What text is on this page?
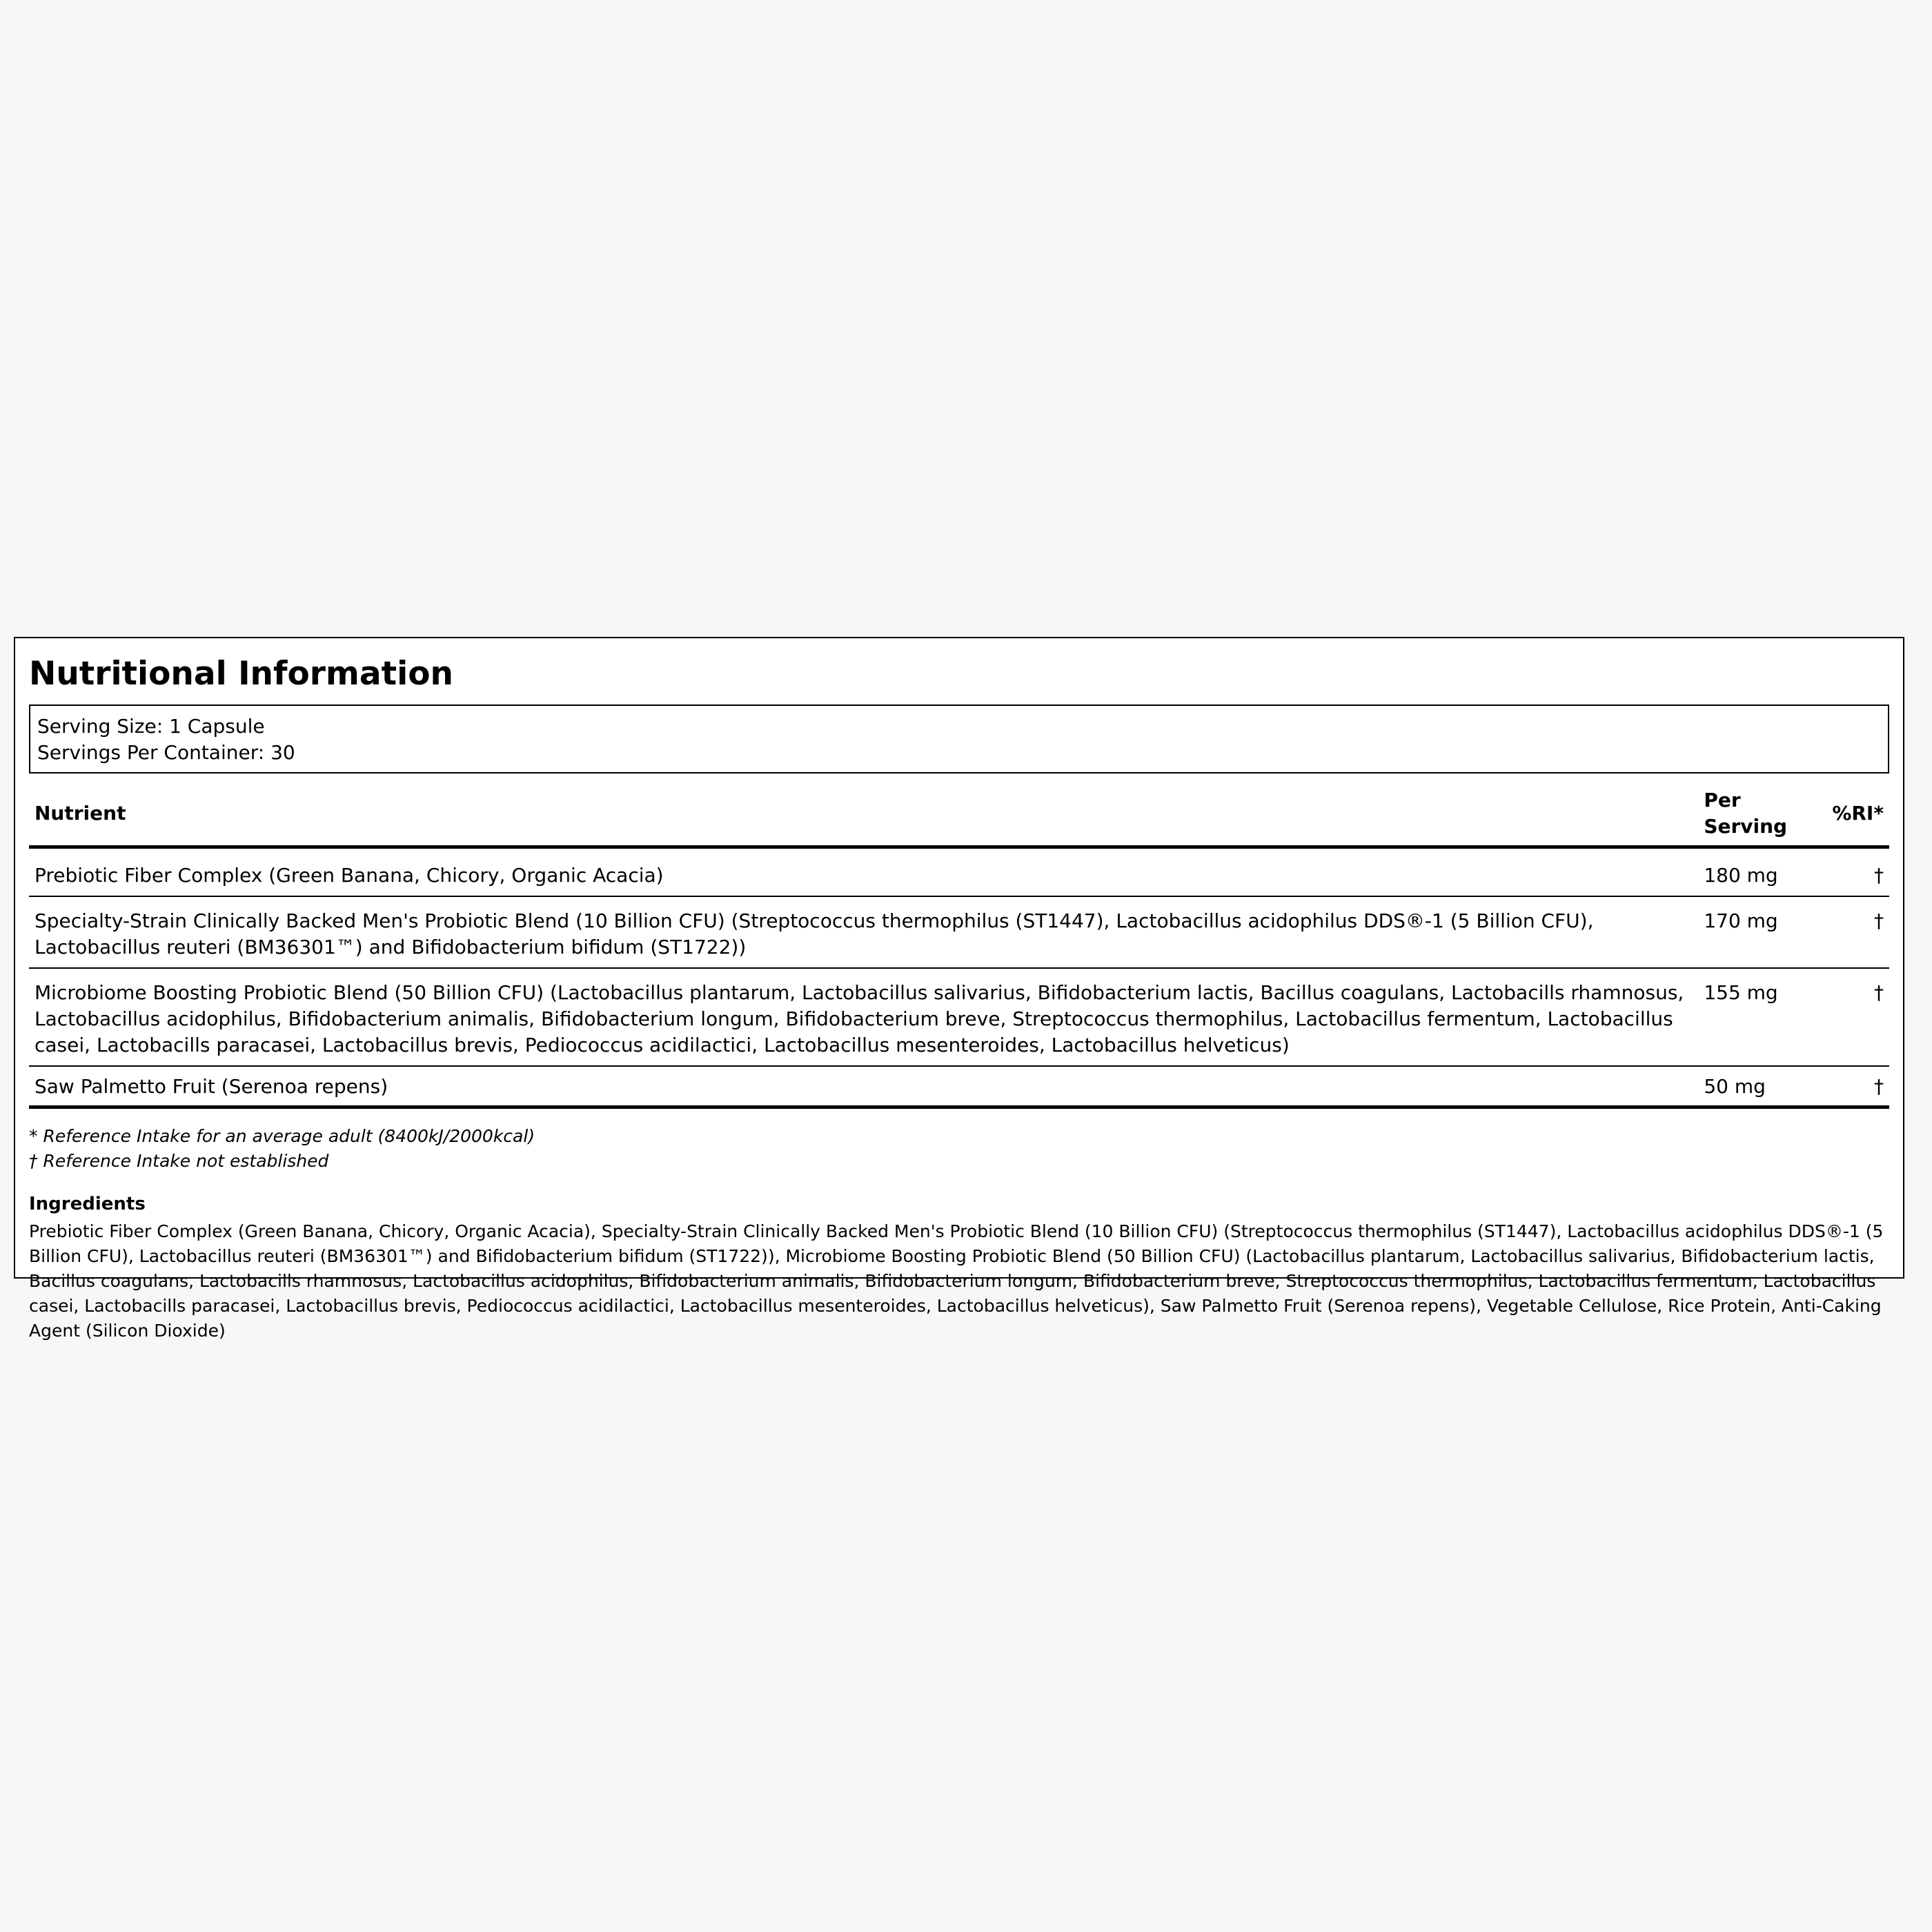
Nutritional Information
Serving Size: 1 Capsule
Servings Per Container: 30
Nutrient	Per Serving	%RI*
Prebiotic Fiber Complex (Green Banana, Chicory, Organic Acacia)	180 mg	†
Specialty-Strain Clinically Backed Men's Probiotic Blend (10 Billion CFU) (Streptococcus thermophilus (ST1447), Lactobacillus acidophilus DDS®-1 (5 Billion CFU), Lactobacillus reuteri (BM36301™) and Bifidobacterium bifidum (ST1722))	170 mg	†
Microbiome Boosting Probiotic Blend (50 Billion CFU) (Lactobacillus plantarum, Lactobacillus salivarius, Bifidobacterium lactis, Bacillus coagulans, Lactobacills rhamnosus, Lactobacillus acidophilus, Bifidobacterium animalis, Bifidobacterium longum, Bifidobacterium breve, Streptococcus thermophilus, Lactobacillus fermentum, Lactobacillus casei, Lactobacills paracasei, Lactobacillus brevis, Pediococcus acidilactici, Lactobacillus mesenteroides, Lactobacillus helveticus)	155 mg	†
Saw Palmetto Fruit (Serenoa repens)	50 mg	†
* Reference Intake for an average adult (8400kJ/2000kcal)
† Reference Intake not established
Ingredients
Prebiotic Fiber Complex (Green Banana, Chicory, Organic Acacia), Specialty-Strain Clinically Backed Men's Probiotic Blend (10 Billion CFU) (Streptococcus thermophilus (ST1447), Lactobacillus acidophilus DDS®-1 (5 Billion CFU), Lactobacillus reuteri (BM36301™) and Bifidobacterium bifidum (ST1722)), Microbiome Boosting Probiotic Blend (50 Billion CFU) (Lactobacillus plantarum, Lactobacillus salivarius, Bifidobacterium lactis, Bacillus coagulans, Lactobacills rhamnosus, Lactobacillus acidophilus, Bifidobacterium animalis, Bifidobacterium longum, Bifidobacterium breve, Streptococcus thermophilus, Lactobacillus fermentum, Lactobacillus casei, Lactobacills paracasei, Lactobacillus brevis, Pediococcus acidilactici, Lactobacillus mesenteroides, Lactobacillus helveticus), Saw Palmetto Fruit (Serenoa repens), Vegetable Cellulose, Rice Protein, Anti-Caking Agent (Silicon Dioxide)
